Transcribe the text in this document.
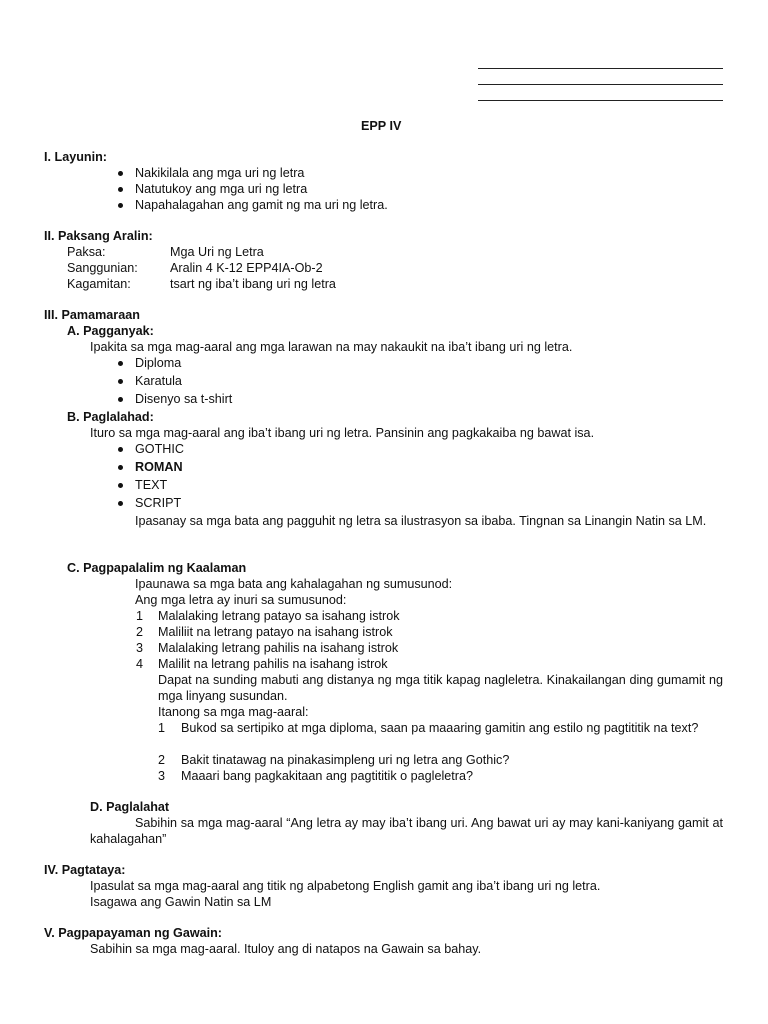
EPP IV
I. Layunin:
Nakikilala ang mga uri ng letra
Natutukoy ang mga uri ng letra
Napahalagahan ang gamit ng ma uri ng letra.
II. Paksang Aralin:
Paksa:	Mga Uri ng Letra
Sanggunian:	Aralin 4 K-12 EPP4IA-Ob-2
Kagamitan:	tsart ng iba’t ibang uri ng letra
III. Pamamaraan
A. Pagganyak:
Ipakita sa mga mag-aaral ang mga larawan na may nakaukit na iba’t ibang uri ng letra.
Diploma
Karatula
Disenyo sa t-shirt
B. Paglalahad:
Ituro sa mga mag-aaral ang iba’t ibang uri ng letra. Pansinin ang pagkakaiba ng bawat isa.
GOTHIC
ROMAN
TEXT
SCRIPT
Ipasanay sa mga bata ang pagguhit ng letra sa ilustrasyon sa ibaba. Tingnan sa Linangin Natin sa LM.
C. Pagpapalalim ng Kaalaman
Ipaunawa sa mga bata ang kahalagahan ng sumusunod:
Ang mga letra ay inuri sa sumusunod:
1 Malalaking letrang patayo sa isahang istrok
2 Maliliit na letrang patayo na isahang istrok
3 Malalaking letrang pahilis na isahang istrok
4 Malilit na letrang pahilis na isahang istrok
Dapat na sunding mabuti ang distanya ng mga titik kapag nagleletra. Kinakailangan ding gumamit ng mga linyang susundan.
Itanong sa mga mag-aaral:
1 Bukod sa sertipiko at mga diploma, saan pa maaaring gamitin ang estilo ng pagtititik na text?
2 Bakit tinatawag na pinakasimpleng uri ng letra ang Gothic?
3 Maaari bang pagkakitaan ang pagtititik o pagleletra?
D. Paglalahat
Sabihin sa mga mag-aaral “Ang letra ay may iba’t ibang uri. Ang bawat uri ay may kani-kaniyang gamit at kahalagahan”
IV. Pagtataya:
Ipasulat sa mga mag-aaral ang titik ng alpabetong English gamit ang iba’t ibang uri ng letra.
Isagawa ang Gawin Natin sa LM
V. Pagpapayaman ng Gawain:
Sabihin sa mga mag-aaral. Ituloy ang di natapos na Gawain sa bahay.
